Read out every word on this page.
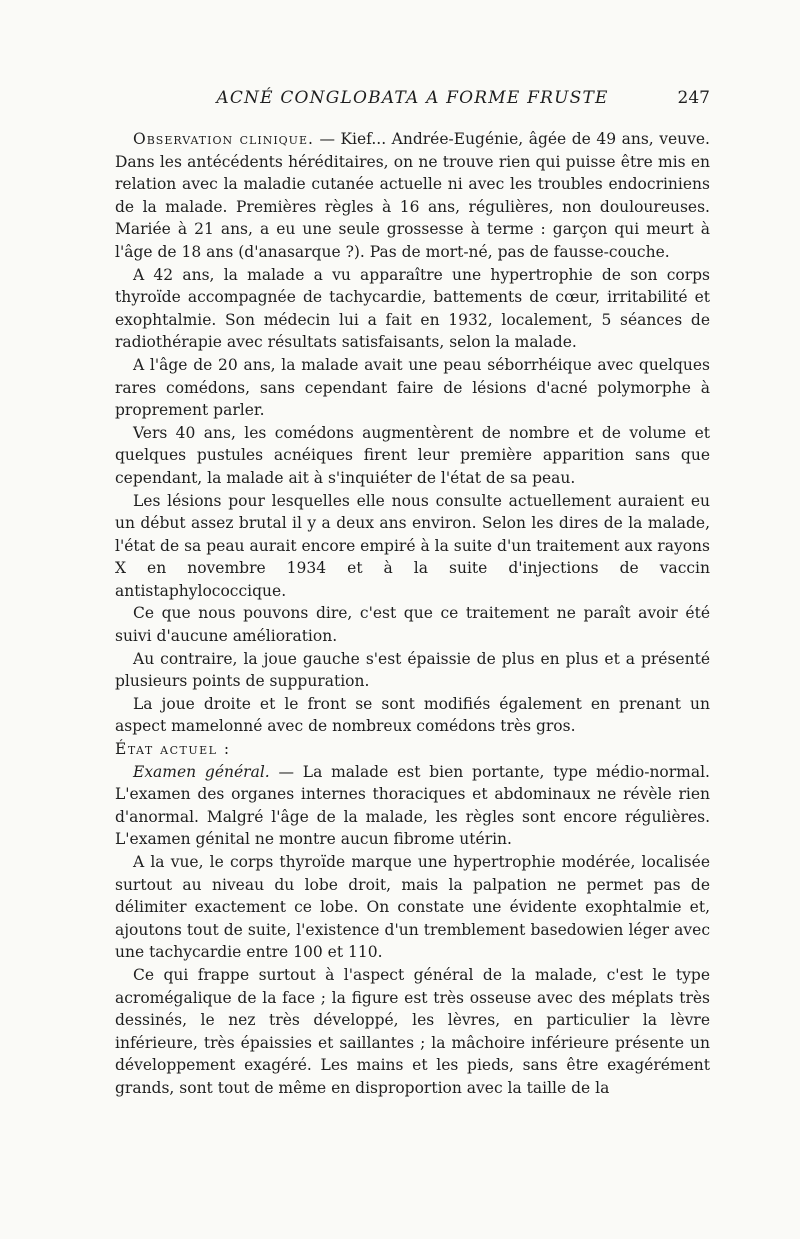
ACNÉ CONGLOBATA A FORME FRUSTE	247

Observation clinique. — Kief... Andrée-Eugénie, âgée de 49 ans, veuve. Dans les antécédents héréditaires, on ne trouve rien qui puisse être mis en relation avec la maladie cutanée actuelle ni avec les troubles endocriniens de la malade. Premières règles à 16 ans, régulières, non douloureuses. Mariée à 21 ans, a eu une seule grossesse à terme : garçon qui meurt à l'âge de 18 ans (d'anasarque ?). Pas de mort-né, pas de fausse-couche.

A 42 ans, la malade a vu apparaître une hypertrophie de son corps thyroïde accompagnée de tachycardie, battements de cœur, irritabilité et exophtalmie. Son médecin lui a fait en 1932, localement, 5 séances de radiothérapie avec résultats satisfaisants, selon la malade.

A l'âge de 20 ans, la malade avait une peau séborrhéique avec quelques rares comédons, sans cependant faire de lésions d'acné polymorphe à proprement parler.

Vers 40 ans, les comédons augmentèrent de nombre et de volume et quelques pustules acnéiques firent leur première apparition sans que cependant, la malade ait à s'inquiéter de l'état de sa peau.

Les lésions pour lesquelles elle nous consulte actuellement auraient eu un début assez brutal il y a deux ans environ. Selon les dires de la malade, l'état de sa peau aurait encore empiré à la suite d'un traitement aux rayons X en novembre 1934 et à la suite d'injections de vaccin antistaphylococcique.

Ce que nous pouvons dire, c'est que ce traitement ne paraît avoir été suivi d'aucune amélioration.

Au contraire, la joue gauche s'est épaissie de plus en plus et a présenté plusieurs points de suppuration.

La joue droite et le front se sont modifiés également en prenant un aspect mamelonné avec de nombreux comédons très gros.

État actuel :

Examen général. — La malade est bien portante, type médio-normal. L'examen des organes internes thoraciques et abdominaux ne révèle rien d'anormal. Malgré l'âge de la malade, les règles sont encore régulières. L'examen génital ne montre aucun fibrome utérin.

A la vue, le corps thyroïde marque une hypertrophie modérée, localisée surtout au niveau du lobe droit, mais la palpation ne permet pas de délimiter exactement ce lobe. On constate une évidente exophtalmie et, ajoutons tout de suite, l'existence d'un tremblement basedowien léger avec une tachycardie entre 100 et 110.

Ce qui frappe surtout à l'aspect général de la malade, c'est le type acromégalique de la face ; la figure est très osseuse avec des méplats très dessinés, le nez très développé, les lèvres, en particulier la lèvre inférieure, très épaissies et saillantes ; la mâchoire inférieure présente un développement exagéré. Les mains et les pieds, sans être exagérément grands, sont tout de même en disproportion avec la taille de la
